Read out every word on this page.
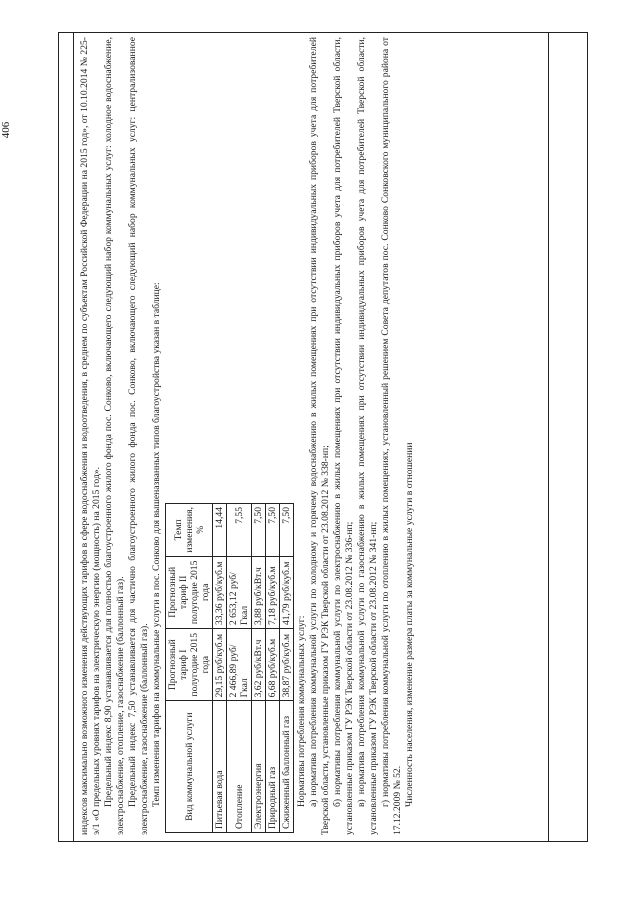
406	индексов максимально возможного изменения действующих тарифов в сфере водоснабжения и водоотведения, в среднем по субъектам Российской Федерации на 2015 год», от 10.10.2014 № 225-э/1 «О предельных уровнях тарифов на электрическую энергию (мощность) на 2015 год». Предельный индекс 8,90 устанавливается для полностью благоустроенного жилого фонда пос. Сонково, включающего следующий набор коммунальных услуг: холодное водоснабжение, электроснабжение, отопление, газоснабжение (баллонный газ). Предельный индекс 7,50 устанавливается для частично благоустроенного жилого фонда пос. Сонково, включающего следующий набор коммунальных услуг: централизованное электроснабжение, газоснабжение (баллонный газ). Темп изменения тарифов на коммунальные услуги в пос. Сонково для вышеназванных типов благоустройства указан в таблице: Вид коммунальной услуги	Прогнозный тариф I полугодие 2015 года	Прогнозный тариф II полугодие 2015 года	Темп изменения, %
Питьевая вода	29,15 руб/куб.м	33,36 руб/куб.м	14,44
Отопление	2 466,89 руб/Гкал	2 653,12 руб/Гкал	7,55
Электроэнергия	3,62 руб/кВт.ч	3,88 руб/кВт.ч	7,50
Природный газ	6,68 руб/куб.м	7,18 руб/куб.м	7,50
Сжиженный баллонный газ	38,87 руб/куб.м	41,79 руб/куб.м	7,50

Нормативы потребления коммунальных услуг: а) норматива потребления коммунальной услуги по холодному и горячему водоснабжению в жилых помещениях при отсутствии индивидуальных приборов учета для потребителей Тверской области, установленные приказом ГУ РЭК Тверской области от 23.08.2012 № 338-нп; б) нормативы потребления коммунальной услуги по электроснабжению в жилых помещениях при отсутствии индивидуальных приборов учета для потребителей Тверской области, установленные приказом ГУ РЭК Тверской области от 23.08.2012 № 336-нп; в) норматива потребления коммунальной услуги по газоснабжению в жилых помещениях при отсутствии индивидуальных приборов учета для потребителей Тверской области, установленные приказом ГУ РЭК Тверской области от 23.08.2012 № 341-нп; г) нормативы потребления коммунальной услуги по отоплению в жилых помещениях, установленный решением Совета депутатов пос. Сонково Сонковского муниципального района от 17.12.2009 № 52. Численность населения, изменение размера платы за коммунальные услуги в отношении
